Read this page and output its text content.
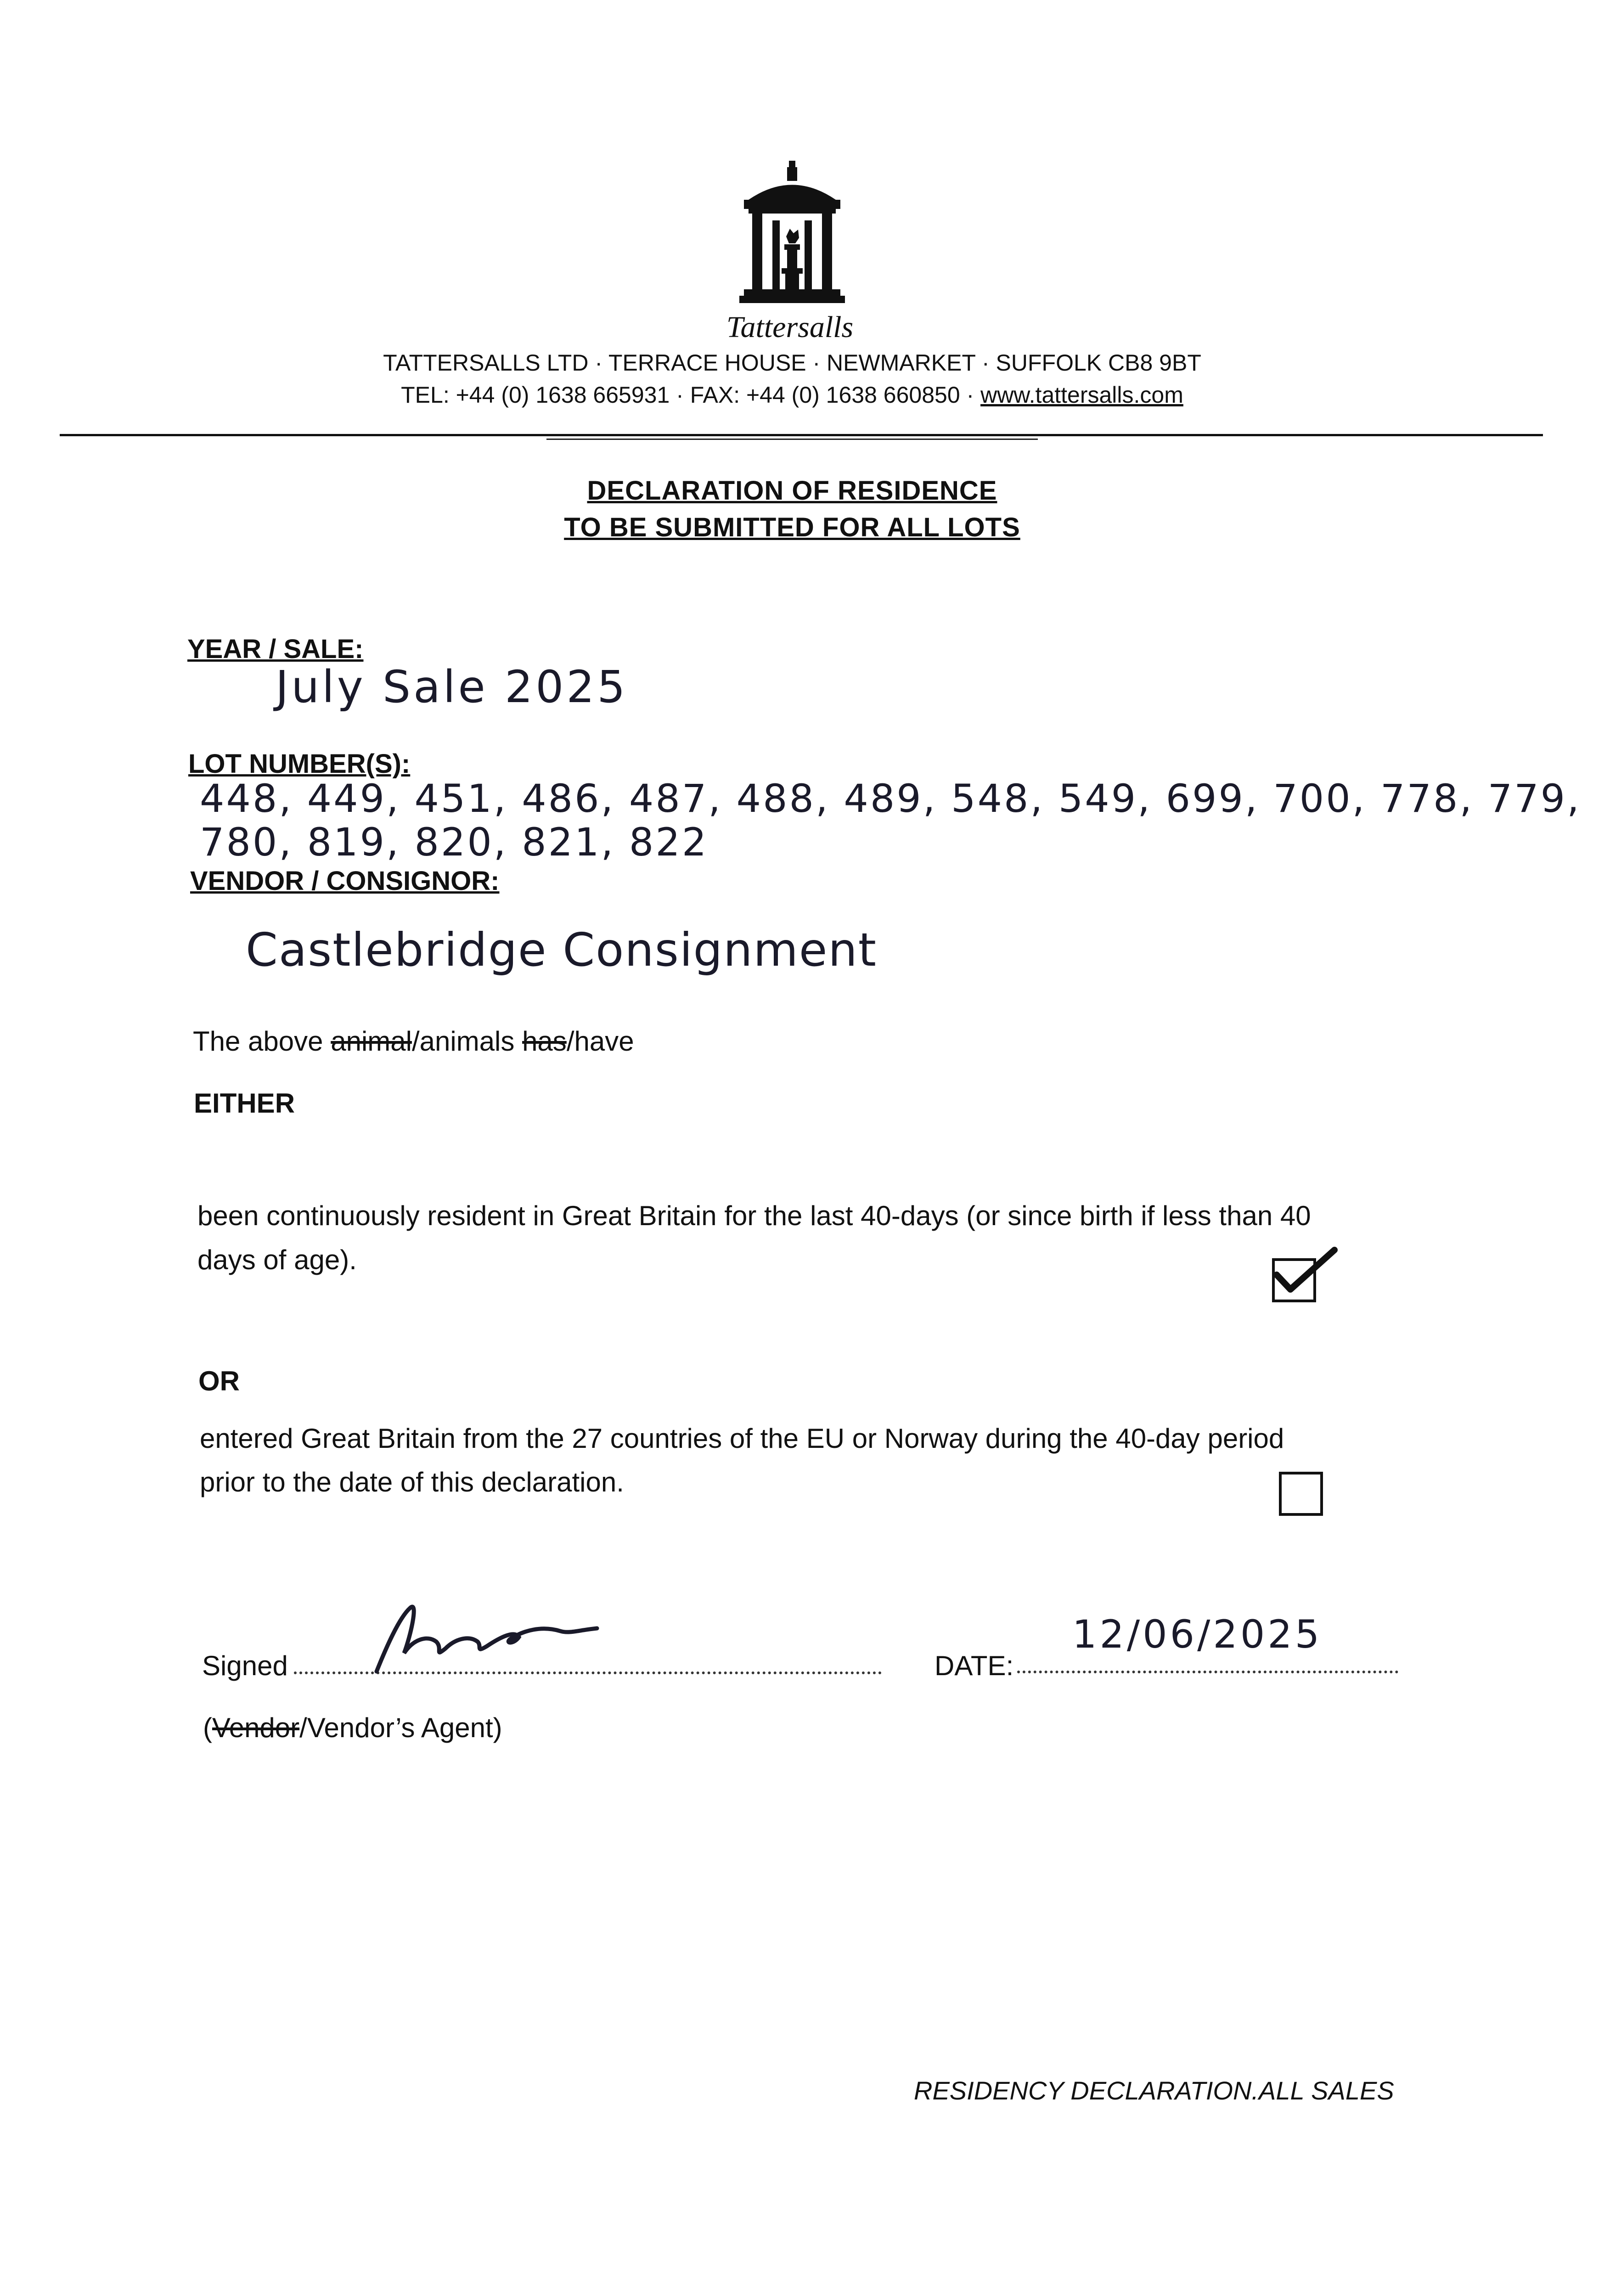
Tattersalls
TATTERSALLS LTD · TERRACE HOUSE · NEWMARKET · SUFFOLK CB8 9BT
TEL: +44 (0) 1638 665931 · FAX: +44 (0) 1638 660850 · www.tattersalls.com
DECLARATION OF RESIDENCE
TO BE SUBMITTED FOR ALL LOTS
YEAR / SALE:
July Sale 2025
LOT NUMBER(S):
448, 449, 451, 486, 487, 488, 489, 548, 549, 699, 700, 778, 779,
780, 819, 820, 821, 822
VENDOR / CONSIGNOR:
Castlebridge Consignment
The above animal/animals has/have
EITHER
been continuously resident in Great Britain for the last 40-days (or since birth if less than 40
days of age).
OR
entered Great Britain from the 27 countries of the EU or Norway during the 40-day period
prior to the date of this declaration.
Signed	DATE:
12/06/2025
(Vendor/Vendor’s Agent)
RESIDENCY DECLARATION.ALL SALES
